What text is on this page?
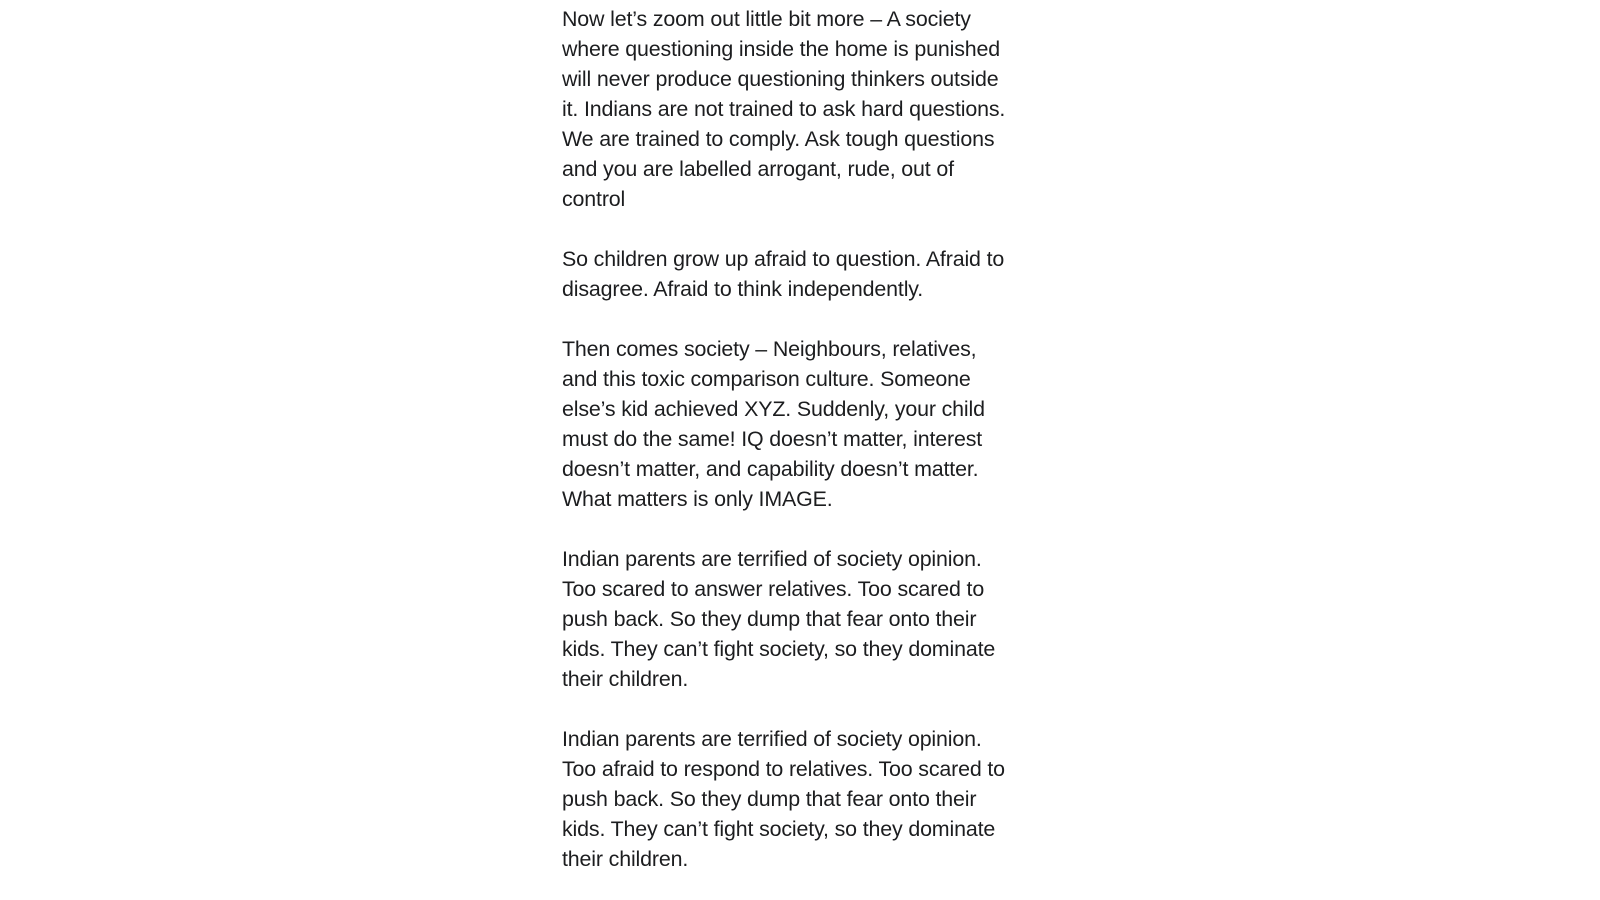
Now let’s zoom out little bit more – A society where questioning inside the home is punished will never produce questioning thinkers outside it. Indians are not trained to ask hard questions. We are trained to comply. Ask tough questions and you are labelled arrogant, rude, out of control

So children grow up afraid to question. Afraid to disagree. Afraid to think independently.

Then comes society – Neighbours, relatives, and this toxic comparison culture. Someone else’s kid achieved XYZ. Suddenly, your child must do the same! IQ doesn’t matter, interest doesn’t matter, and capability doesn’t matter. What matters is only IMAGE.

Indian parents are terrified of society opinion. Too scared to answer relatives. Too scared to push back. So they dump that fear onto their kids. They can’t fight society, so they dominate their children.

Indian parents are terrified of society opinion. Too afraid to respond to relatives. Too scared to push back. So they dump that fear onto their kids. They can’t fight society, so they dominate their children.
